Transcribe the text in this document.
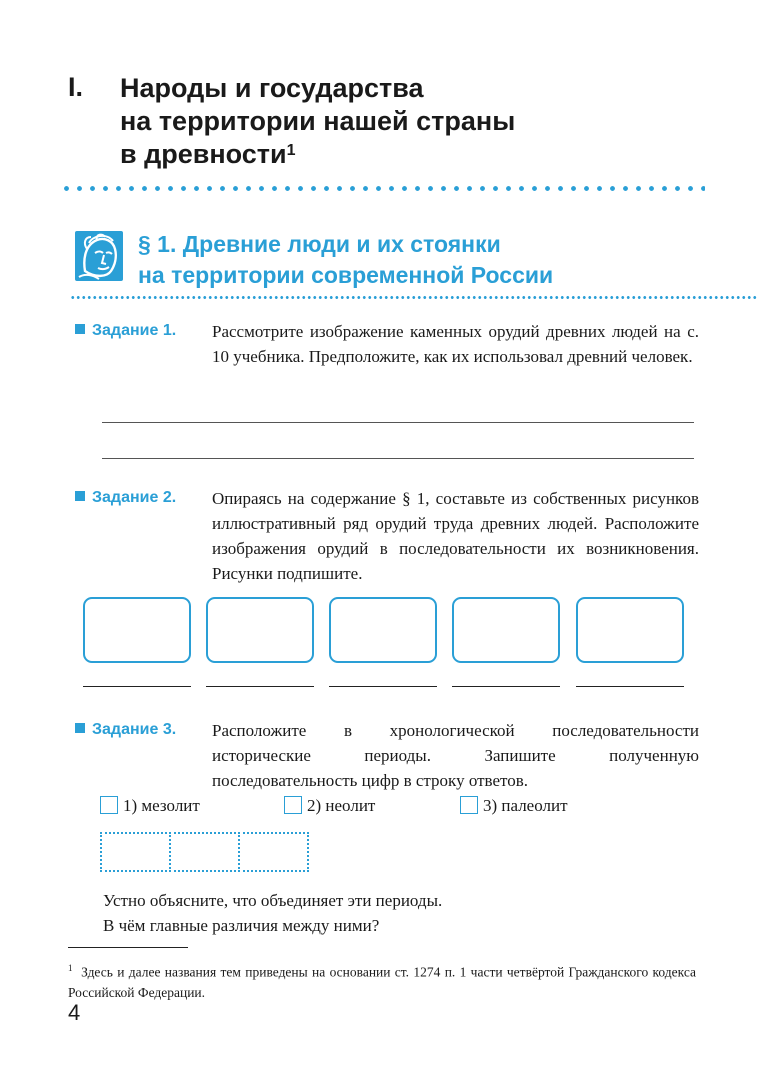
I. Народы и государства
на территории нашей страны
в древности$^1$
§ 1. Древние люди и их стоянки
на территории современной России
Задание 1. Рассмотрите изображение каменных орудий древних людей на с. 10 учебника. Предположите, как их использовал древний человек.
Задание 2. Опираясь на содержание § 1, составьте из собственных рисунков иллюстративный ряд орудий труда древних людей. Расположите изображения орудий в последовательности их возникновения. Рисунки подпишите.
Задание 3. Расположите в хронологической последовательности исторические периоды. Запишите полученную последовательность цифр в строку ответов.
1) мезолит	2) неолит	3) палеолит
Устно объясните, что объединяет эти периоды.
В чём главные различия между ними?
$^1$ Здесь и далее названия тем приведены на основании ст. 1274 п. 1 части четвёртой Гражданского кодекса Российской Федерации.
4
